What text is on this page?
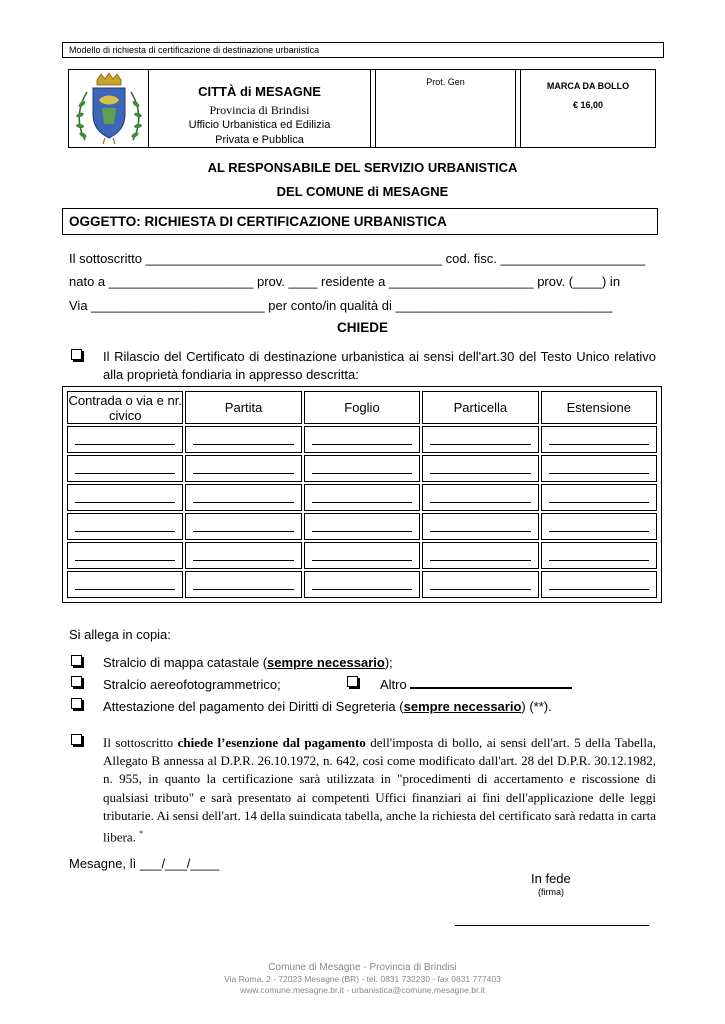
Modello di richiesta di certificazione di destinazione urbanistica
CITTÀ di MESAGNE
Provincia di Brindisi
Ufficio Urbanistica ed Edilizia
Privata e Pubblica
Prot. Gen	MARCA DA BOLLO
€ 16,00
AL RESPONSABILE DEL SERVIZIO URBANISTICA
DEL COMUNE di MESAGNE
OGGETTO: RICHIESTA DI CERTIFICAZIONE URBANISTICA
Il sottoscritto _________________________________________ cod. fisc. ____________________
nato a ____________________ prov. ____ residente a ____________________ prov. (____) in
Via ________________________ per conto/in qualità di ______________________________
CHIEDE
Il Rilascio del Certificato di destinazione urbanistica ai sensi dell'art.30 del Testo Unico relativo alla proprietà fondiaria in appresso descritta:
Contrada o via e nr. civico	Partita	Foglio	Particella	Estensione

Si allega in copia:
Stralcio di mappa catastale (sempre necessario);
Stralcio aereofotogrammetrico;	Altro
Attestazione del pagamento dei Diritti di Segreteria (sempre necessario) (**).
Il sottoscritto chiede l’esenzione dal pagamento dell'imposta di bollo, ai sensi dell'art. 5 della Tabella, Allegato B annessa al D.P.R. 26.10.1972, n. 642, così come modificato dall'art. 28 del D.P.R. 30.12.1982, n. 955, in quanto la certificazione sarà utilizzata in "procedimenti di accertamento e riscossione di qualsiasi tributo" e sarà presentato ai competenti Uffici finanziari ai fini dell'applicazione delle leggi tributarie. Ai sensi dell'art. 14 della suindicata tabella, anche la richiesta del certificato sarà redatta in carta libera. *
Mesagne, lì ___/___/____
In fede
(firma)
Comune di Mesagne - Provincia di Brindisi
Via Roma, 2 - 72023 Mesagne (BR) - tel. 0831 732230 - fax 0831 777403
www.comune.mesagne.br.it - urbanistica@comune.mesagne.br.it
